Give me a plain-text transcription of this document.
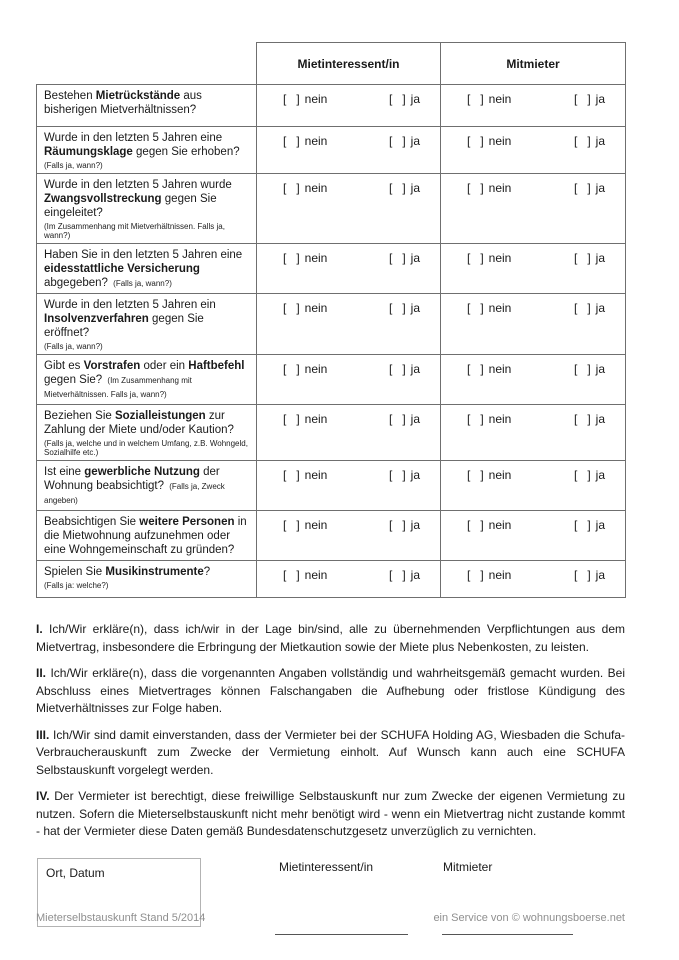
	Mietinteressent/in	Mitmieter
Bestehen Mietrückstände aus bisherigen Mietverhältnissen?	[   ] nein [   ] ja	[   ] nein [   ] ja

Wurde in den letzten 5 Jahren eine Räumungsklage gegen Sie erhoben?
(Falls ja, wann?)	[   ] nein [   ] ja	[   ] nein [   ] ja

Wurde in den letzten 5 Jahren wurde Zwangsvollstreckung gegen Sie eingeleitet?
(Im Zusammenhang mit Mietverhältnissen. Falls ja, wann?)	[   ] nein [   ] ja	[   ] nein [   ] ja

Haben Sie in den letzten 5 Jahren eine eidesstattliche Versicherung abgegeben? (Falls ja, wann?)	[   ] nein [   ] ja	[   ] nein [   ] ja

Wurde in den letzten 5 Jahren ein Insolvenzverfahren gegen Sie eröffnet?
(Falls ja, wann?)	[   ] nein [   ] ja	[   ] nein [   ] ja

Gibt es Vorstrafen oder ein Haftbefehl gegen Sie? (Im Zusammenhang mit Mietverhältnissen. Falls ja, wann?)	[   ] nein [   ] ja	[   ] nein [   ] ja

Beziehen Sie Sozialleistungen zur Zahlung der Miete und/oder Kaution?
(Falls ja, welche und in welchem Umfang, z.B. Wohngeld, Sozialhilfe etc.)	[   ] nein [   ] ja	[   ] nein [   ] ja

Ist eine gewerbliche Nutzung der Wohnung beabsichtigt? (Falls ja, Zweck angeben)	[   ] nein [   ] ja	[   ] nein [   ] ja

Beabsichtigen Sie weitere Personen in die Mietwohnung aufzunehmen oder eine Wohngemeinschaft zu gründen?	[   ] nein [   ] ja	[   ] nein [   ] ja

Spielen Sie Musikinstrumente?
(Falls ja: welche?)	[   ] nein [   ] ja	[   ] nein [   ] ja

I. Ich/Wir erkläre(n), dass ich/wir in der Lage bin/sind, alle zu übernehmenden Verpflichtungen aus dem Mietvertrag, insbesondere die Erbringung der Mietkaution sowie der Miete plus Nebenkosten, zu leisten.

II. Ich/Wir erkläre(n), dass die vorgenannten Angaben vollständig und wahrheitsgemäß gemacht wurden. Bei Abschluss eines Mietvertrages können Falschangaben die Aufhebung oder fristlose Kündigung des Mietverhältnisses zur Folge haben.

III. Ich/Wir sind damit einverstanden, dass der Vermieter bei der SCHUFA Holding AG, Wiesbaden die Schufa-Verbraucherauskunft zum Zwecke der Vermietung einholt. Auf Wunsch kann auch eine SCHUFA Selbstauskunft vorgelegt werden.

IV. Der Vermieter ist berechtigt, diese freiwillige Selbstauskunft nur zum Zwecke der eigenen Vermietung zu nutzen. Sofern die Mieterselbstauskunft nicht mehr benötigt wird - wenn ein Mietvertrag nicht zustande kommt - hat der Vermieter diese Daten gemäß Bundesdatenschutzgesetz unverzüglich zu vernichten.

Ort, Datum	Mietinteressent/in	Mitmieter
Mieterselbstauskunft Stand 5/2014	ein Service von © wohnungsboerse.net
